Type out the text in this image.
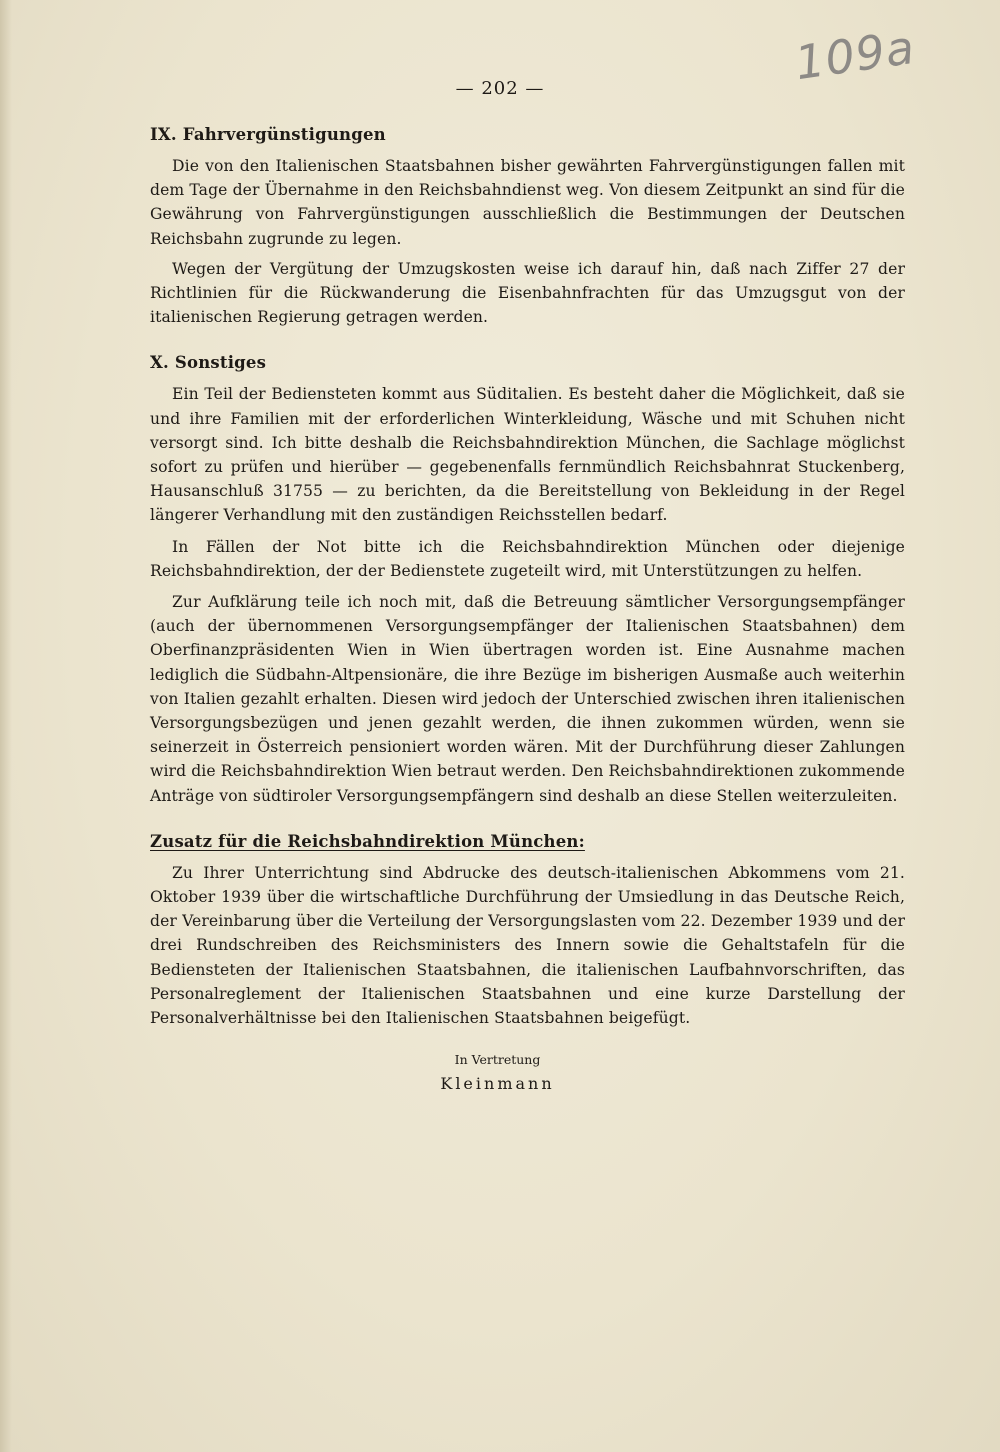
109a
— 202 —
IX. Fahrvergünstigungen

Die von den Italienischen Staatsbahnen bisher gewährten Fahrvergünstigungen fallen mit dem Tage der Übernahme in den Reichsbahndienst weg. Von diesem Zeitpunkt an sind für die Gewährung von Fahrvergünstigungen ausschließlich die Bestimmungen der Deutschen Reichsbahn zugrunde zu legen.

Wegen der Vergütung der Umzugskosten weise ich darauf hin, daß nach Ziffer 27 der Richtlinien für die Rückwanderung die Eisenbahnfrachten für das Umzugsgut von der italienischen Regierung getragen werden.

X. Sonstiges

Ein Teil der Bediensteten kommt aus Süditalien. Es besteht daher die Möglichkeit, daß sie und ihre Familien mit der erforderlichen Winterkleidung, Wäsche und mit Schuhen nicht versorgt sind. Ich bitte deshalb die Reichsbahndirektion München, die Sachlage möglichst sofort zu prüfen und hierüber — gegebenenfalls fernmündlich Reichsbahnrat Stuckenberg, Hausanschluß 31755 — zu berichten, da die Bereitstellung von Bekleidung in der Regel längerer Verhandlung mit den zuständigen Reichsstellen bedarf.

In Fällen der Not bitte ich die Reichsbahndirektion München oder diejenige Reichsbahndirektion, der der Bedienstete zugeteilt wird, mit Unterstützungen zu helfen.

Zur Aufklärung teile ich noch mit, daß die Betreuung sämtlicher Versorgungsempfänger (auch der übernommenen Versorgungsempfänger der Italienischen Staatsbahnen) dem Oberfinanzpräsidenten Wien in Wien übertragen worden ist. Eine Ausnahme machen lediglich die Südbahn-Altpensionäre, die ihre Bezüge im bisherigen Ausmaße auch weiterhin von Italien gezahlt erhalten. Diesen wird jedoch der Unterschied zwischen ihren italienischen Versorgungsbezügen und jenen gezahlt werden, die ihnen zukommen würden, wenn sie seinerzeit in Österreich pensioniert worden wären. Mit der Durchführung dieser Zahlungen wird die Reichsbahndirektion Wien betraut werden. Den Reichsbahndirektionen zukommende Anträge von südtiroler Versorgungsempfängern sind deshalb an diese Stellen weiterzuleiten.

Zusatz für die Reichsbahndirektion München:

Zu Ihrer Unterrichtung sind Abdrucke des deutsch-italienischen Abkommens vom 21. Oktober 1939 über die wirtschaftliche Durchführung der Umsiedlung in das Deutsche Reich, der Vereinbarung über die Verteilung der Versorgungslasten vom 22. Dezember 1939 und der drei Rundschreiben des Reichsministers des Innern sowie die Gehaltstafeln für die Bediensteten der Italienischen Staatsbahnen, die italienischen Laufbahnvorschriften, das Personalreglement der Italienischen Staatsbahnen und eine kurze Darstellung der Personalverhältnisse bei den Italienischen Staatsbahnen beigefügt.

In Vertretung
Kleinmann
